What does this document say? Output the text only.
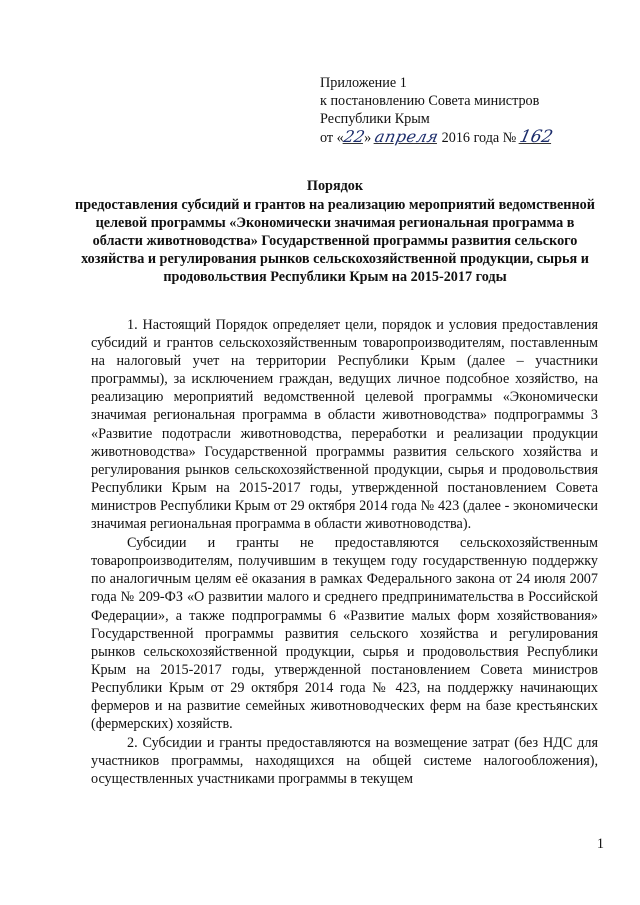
Приложение 1
к постановлению Совета министров
Республики Крым
от «22» апреля 2016 года № 162
Порядок
предоставления субсидий и грантов на реализацию мероприятий ведомственной целевой программы «Экономически значимая региональная программа в области животноводства» Государственной программы развития сельского хозяйства и регулирования рынков сельскохозяйственной продукции, сырья и продовольствия Республики Крым на 2015-2017 годы

1. Настоящий Порядок определяет цели, порядок и условия предоставления субсидий и грантов сельскохозяйственным товаропроизводителям, поставленным на налоговый учет на территории Республики Крым (далее – участники программы), за исключением граждан, ведущих личное подсобное хозяйство, на реализацию мероприятий ведомственной целевой программы «Экономически значимая региональная программа в области животноводства» подпрограммы 3 «Развитие подотрасли животноводства, переработки и реализации продукции животноводства» Государственной программы развития сельского хозяйства и регулирования рынков сельскохозяйственной продукции, сырья и продовольствия Республики Крым на 2015-2017 годы, утвержденной постановлением Совета министров Республики Крым от 29 октября 2014 года № 423 (далее - экономически значимая региональная программа в области животноводства).

Субсидии и гранты не предоставляются сельскохозяйственным товаропроизводителям, получившим в текущем году государственную поддержку по аналогичным целям её оказания в рамках Федерального закона от 24 июля 2007 года № 209-ФЗ «О развитии малого и среднего предпринимательства в Российской Федерации», а также подпрограммы 6 «Развитие малых форм хозяйствования» Государственной программы развития сельского хозяйства и регулирования рынков сельскохозяйственной продукции, сырья и продовольствия Республики Крым на 2015-2017 годы, утвержденной постановлением Совета министров Республики Крым от 29 октября 2014 года № 423, на поддержку начинающих фермеров и на развитие семейных животноводческих ферм на базе крестьянских (фермерских) хозяйств.

2. Субсидии и гранты предоставляются на возмещение затрат (без НДС для участников программы, находящихся на общей системе налогообложения), осуществленных участниками программы в текущем

1
